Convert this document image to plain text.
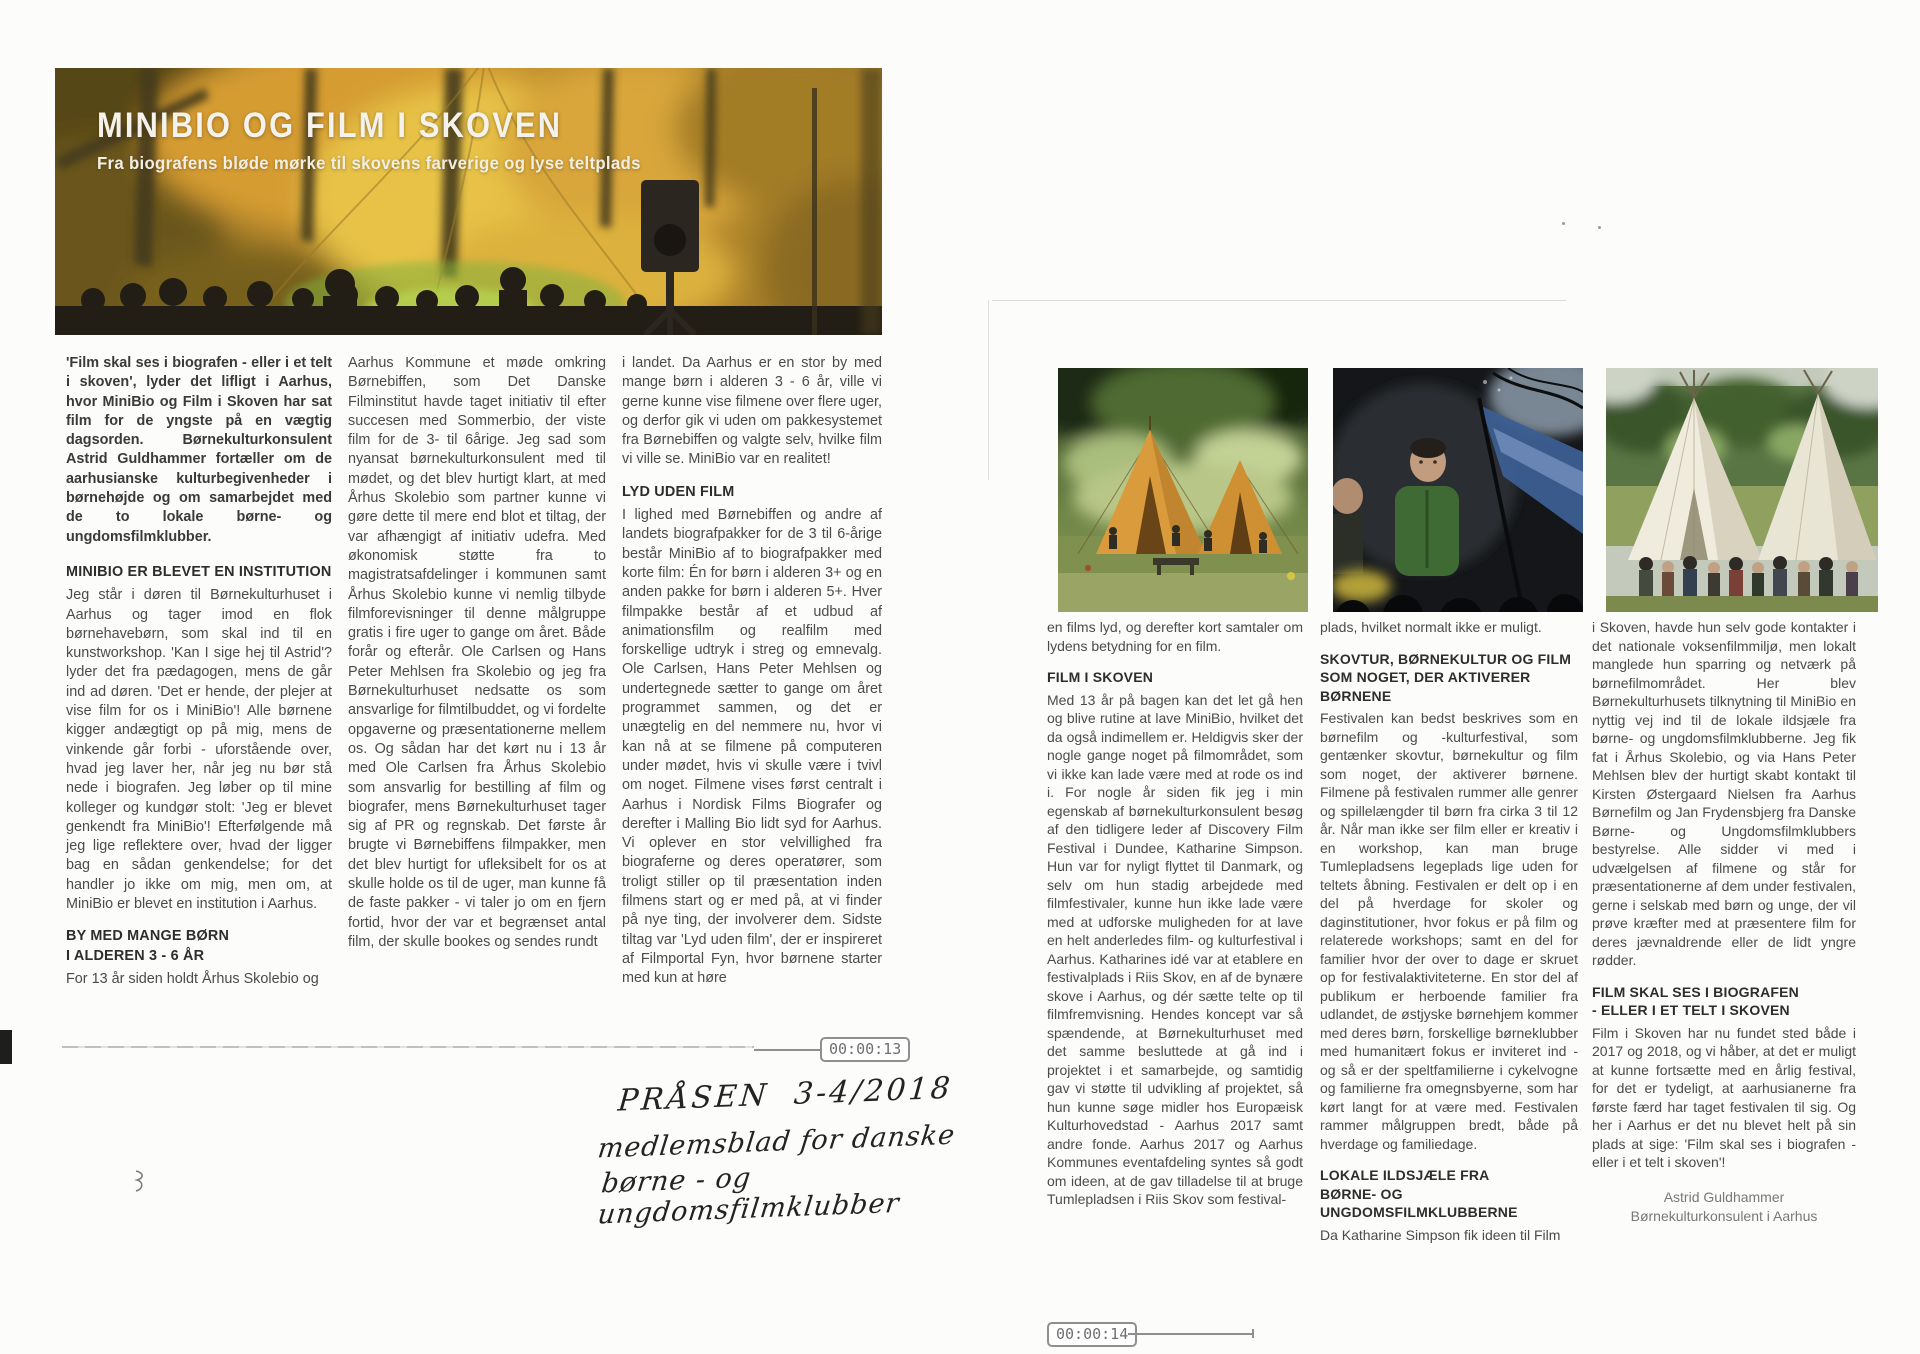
MINIBIO OG FILM I SKOVEN

Fra biografens bløde mørke til skovens farverige og lyse teltplads

'Film skal ses i biografen - eller i et telt i skoven', lyder det lifligt i Aarhus, hvor MiniBio og Film i Skoven har sat film for de yngste på en vægtig dagsorden. Børnekulturkonsulent Astrid Guldhammer fortæller om de aarhusianske kulturbegivenheder i børnehøjde og om samarbejdet med de to lokale børne- og ungdomsfilmklubber.

MINIBIO ER BLEVET EN INSTITUTION

Jeg står i døren til Børnekulturhuset i Aarhus og tager imod en flok børnehavebørn, som skal ind til en kunstworkshop. 'Kan I sige hej til Astrid'? lyder det fra pædagogen, mens de går ind ad døren. 'Det er hende, der plejer at vise film for os i MiniBio'! Alle børnene kigger andægtigt op på mig, mens de vinkende går forbi - uforstående over, hvad jeg laver her, når jeg nu bør stå nede i biografen. Jeg løber op til mine kolleger og kundgør stolt: 'Jeg er blevet genkendt fra MiniBio'! Efterfølgende må jeg lige reflektere over, hvad der ligger bag en sådan genkendelse; for det handler jo ikke om mig, men om, at MiniBio er blevet en institution i Aarhus.

BY MED MANGE BØRN
I ALDEREN 3 - 6 ÅR

For 13 år siden holdt Århus Skolebio og

Aarhus Kommune et møde omkring Børnebiffen, som Det Danske Filminstitut havde taget initiativ til efter succesen med Sommerbio, der viste film for de 3- til 6årige. Jeg sad som nyansat børnekulturkonsulent med til mødet, og det blev hurtigt klart, at med Århus Skolebio som partner kunne vi gøre dette til mere end blot et tiltag, der var afhængigt af initiativ udefra. Med økonomisk støtte fra to magistratsafdelinger i kommunen samt Århus Skolebio kunne vi nemlig tilbyde filmforevisninger til denne målgruppe gratis i fire uger to gange om året. Både forår og efterår. Ole Carlsen og Hans Peter Mehlsen fra Skolebio og jeg fra Børnekulturhuset nedsatte os som ansvarlige for filmtilbuddet, og vi fordelte opgaverne og præsentationerne mellem os. Og sådan har det kørt nu i 13 år med Ole Carlsen fra Århus Skolebio som ansvarlig for bestilling af film og biografer, mens Børnekulturhuset tager sig af PR og regnskab. Det første år brugte vi Børnebiffens filmpakker, men det blev hurtigt for ufleksibelt for os at skulle holde os til de uger, man kunne få de faste pakker - vi taler jo om en fjern fortid, hvor der var et begrænset antal film, der skulle bookes og sendes rundt

i landet. Da Aarhus er en stor by med mange børn i alderen 3 - 6 år, ville vi gerne kunne vise filmene over flere uger, og derfor gik vi uden om pakkesystemet fra Børnebiffen og valgte selv, hvilke film vi ville se. MiniBio var en realitet!

LYD UDEN FILM

I lighed med Børnebiffen og andre af landets biografpakker for de 3 til 6-årige består MiniBio af to biografpakker med korte film: Én for børn i alderen 3+ og en anden pakke for børn i alderen 5+. Hver filmpakke består af et udbud af animationsfilm og realfilm med forskellige udtryk i streg og emnevalg. Ole Carlsen, Hans Peter Mehlsen og undertegnede sætter to gange om året programmet sammen, og det er unægtelig en del nemmere nu, hvor vi kan nå at se filmene på computeren under mødet, hvis vi skulle være i tvivl om noget. Filmene vises først centralt i Aarhus i Nordisk Films Biografer og derefter i Malling Bio lidt syd for Aarhus. Vi oplever en stor velvillighed fra biograferne og deres operatører, som troligt stiller op til præsentation inden filmens start og er med på, at vi finder på nye ting, der involverer dem. Sidste tiltag var 'Lyd uden film', der er inspireret af Filmportal Fyn, hvor børnene starter med kun at høre

00:00:13
PRÅSEN  3-4/2018
medlemsblad for danske
børne - og ungdomsfilmklubber

en films lyd, og derefter kort samtaler om lydens betydning for en film.

FILM I SKOVEN

Med 13 år på bagen kan det let gå hen og blive rutine at lave MiniBio, hvilket det da også indimellem er. Heldigvis sker der nogle gange noget på filmområdet, som vi ikke kan lade være med at rode os ind i. For nogle år siden fik jeg i min egenskab af børnekulturkonsulent besøg af den tidligere leder af Discovery Film Festival i Dundee, Katharine Simpson. Hun var for nyligt flyttet til Danmark, og selv om hun stadig arbejdede med filmfestivaler, kunne hun ikke lade være med at udforske muligheden for at lave en helt anderledes film- og kulturfestival i Aarhus. Katharines idé var at etablere en festivalplads i Riis Skov, en af de bynære skove i Aarhus, og dér sætte telte op til filmfremvisning. Hendes koncept var så spændende, at Børnekulturhuset med det samme besluttede at gå ind i projektet i et samarbejde, og samtidig gav vi støtte til udvikling af projektet, så hun kunne søge midler hos Europæisk Kulturhovedstad - Aarhus 2017 samt andre fonde. Aarhus 2017 og Aarhus Kommunes eventafdeling syntes så godt om ideen, at de gav tilladelse til at bruge Tumlepladsen i Riis Skov som festival-

plads, hvilket normalt ikke er muligt.

SKOVTUR, BØRNEKULTUR OG FILM
SOM NOGET, DER AKTIVERER BØRNENE

Festivalen kan bedst beskrives som en børnefilm og -kulturfestival, som gentænker skovtur, børnekultur og film som noget, der aktiverer børnene. Filmene på festivalen rummer alle genrer og spillelængder til børn fra cirka 3 til 12 år. Når man ikke ser film eller er kreativ i en workshop, kan man bruge Tumlepladsens legeplads lige uden for teltets åbning. Festivalen er delt op i en del på hverdage for skoler og daginstitutioner, hvor fokus er på film og relaterede workshops; samt en del for familier hvor der over to dage er skruet op for festivalaktiviteterne. En stor del af publikum er herboende familier fra udlandet, de østjyske børnehjem kommer med deres børn, forskellige børneklubber med humanitært fokus er inviteret ind - og så er der speltfamilierne i cykelvogne og familierne fra omegnsbyerne, som har kørt langt for at være med. Festivalen rammer målgruppen bredt, både på hverdage og familiedage.

LOKALE ILDSJÆLE FRA
BØRNE- OG UNGDOMSFILMKLUBBERNE

Da Katharine Simpson fik ideen til Film

i Skoven, havde hun selv gode kontakter i det nationale voksenfilmmiljø, men lokalt manglede hun sparring og netværk på børnefilmområdet. Her blev Børnekulturhusets tilknytning til MiniBio en nyttig vej ind til de lokale ildsjæle fra børne- og ungdomsfilmklubberne. Jeg fik fat i Århus Skolebio, og via Hans Peter Mehlsen blev der hurtigt skabt kontakt til Kirsten Østergaard Nielsen fra Aarhus Børnefilm og Jan Frydensbjerg fra Danske Børne- og Ungdomsfilmklubbers bestyrelse. Alle sidder vi med i udvælgelsen af filmene og står for præsentationerne af dem under festivalen, gerne i selskab med børn og unge, der vil prøve kræfter med at præsentere film for deres jævnaldrende eller de lidt yngre rødder.

FILM SKAL SES I BIOGRAFEN
- ELLER I ET TELT I SKOVEN

Film i Skoven har nu fundet sted både i 2017 og 2018, og vi håber, at det er muligt at kunne fortsætte med en årlig festival, for det er tydeligt, at aarhusianerne fra første færd har taget festivalen til sig. Og her i Aarhus er det nu blevet helt på sin plads at sige: 'Film skal ses i biografen - eller i et telt i skoven'!

Astrid Guldhammer
Børnekulturkonsulent i Aarhus
00:00:14
